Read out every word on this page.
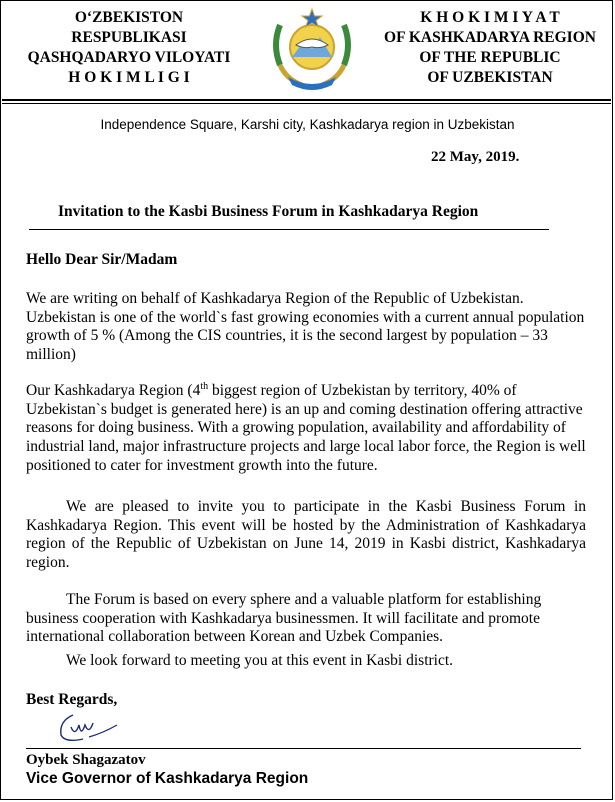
O‘ZBEKISTON
RESPUBLIKASI
QASHQADARYO VILOYATI
H O K I M L I G I
K H O K I M I Y A T
OF KASHKADARYA REGION
OF THE REPUBLIC
OF UZBEKISTAN
Independence Square, Karshi city, Kashkadarya region in Uzbekistan
22 May, 2019.
Invitation to the Kasbi Business Forum in Kashkadarya Region
Hello Dear Sir/Madam
We are writing on behalf of Kashkadarya Region of the Republic of Uzbekistan. Uzbekistan is one of the world`s fast growing economies with a current annual population growth of 5 % (Among the CIS countries, it is the second largest by population – 33 million)
Our Kashkadarya Region (4th biggest region of Uzbekistan by territory, 40% of Uzbekistan`s budget is generated here) is an up and coming destination offering attractive reasons for doing business. With a growing population, availability and affordability of industrial land, major infrastructure projects and large local labor force, the Region is well positioned to cater for investment growth into the future.
We are pleased to invite you to participate in the Kasbi Business Forum in Kashkadarya Region. This event will be hosted by the Administration of Kashkadarya region of the Republic of Uzbekistan on June 14, 2019 in Kasbi district, Kashkadarya region.
The Forum is based on every sphere and a valuable platform for establishing business cooperation with Kashkadarya businessmen. It will facilitate and promote international collaboration between Korean and Uzbek Companies.
We look forward to meeting you at this event in Kasbi district.
Best Regards,
Oybek Shagazatov
Vice Governor of Kashkadarya Region
